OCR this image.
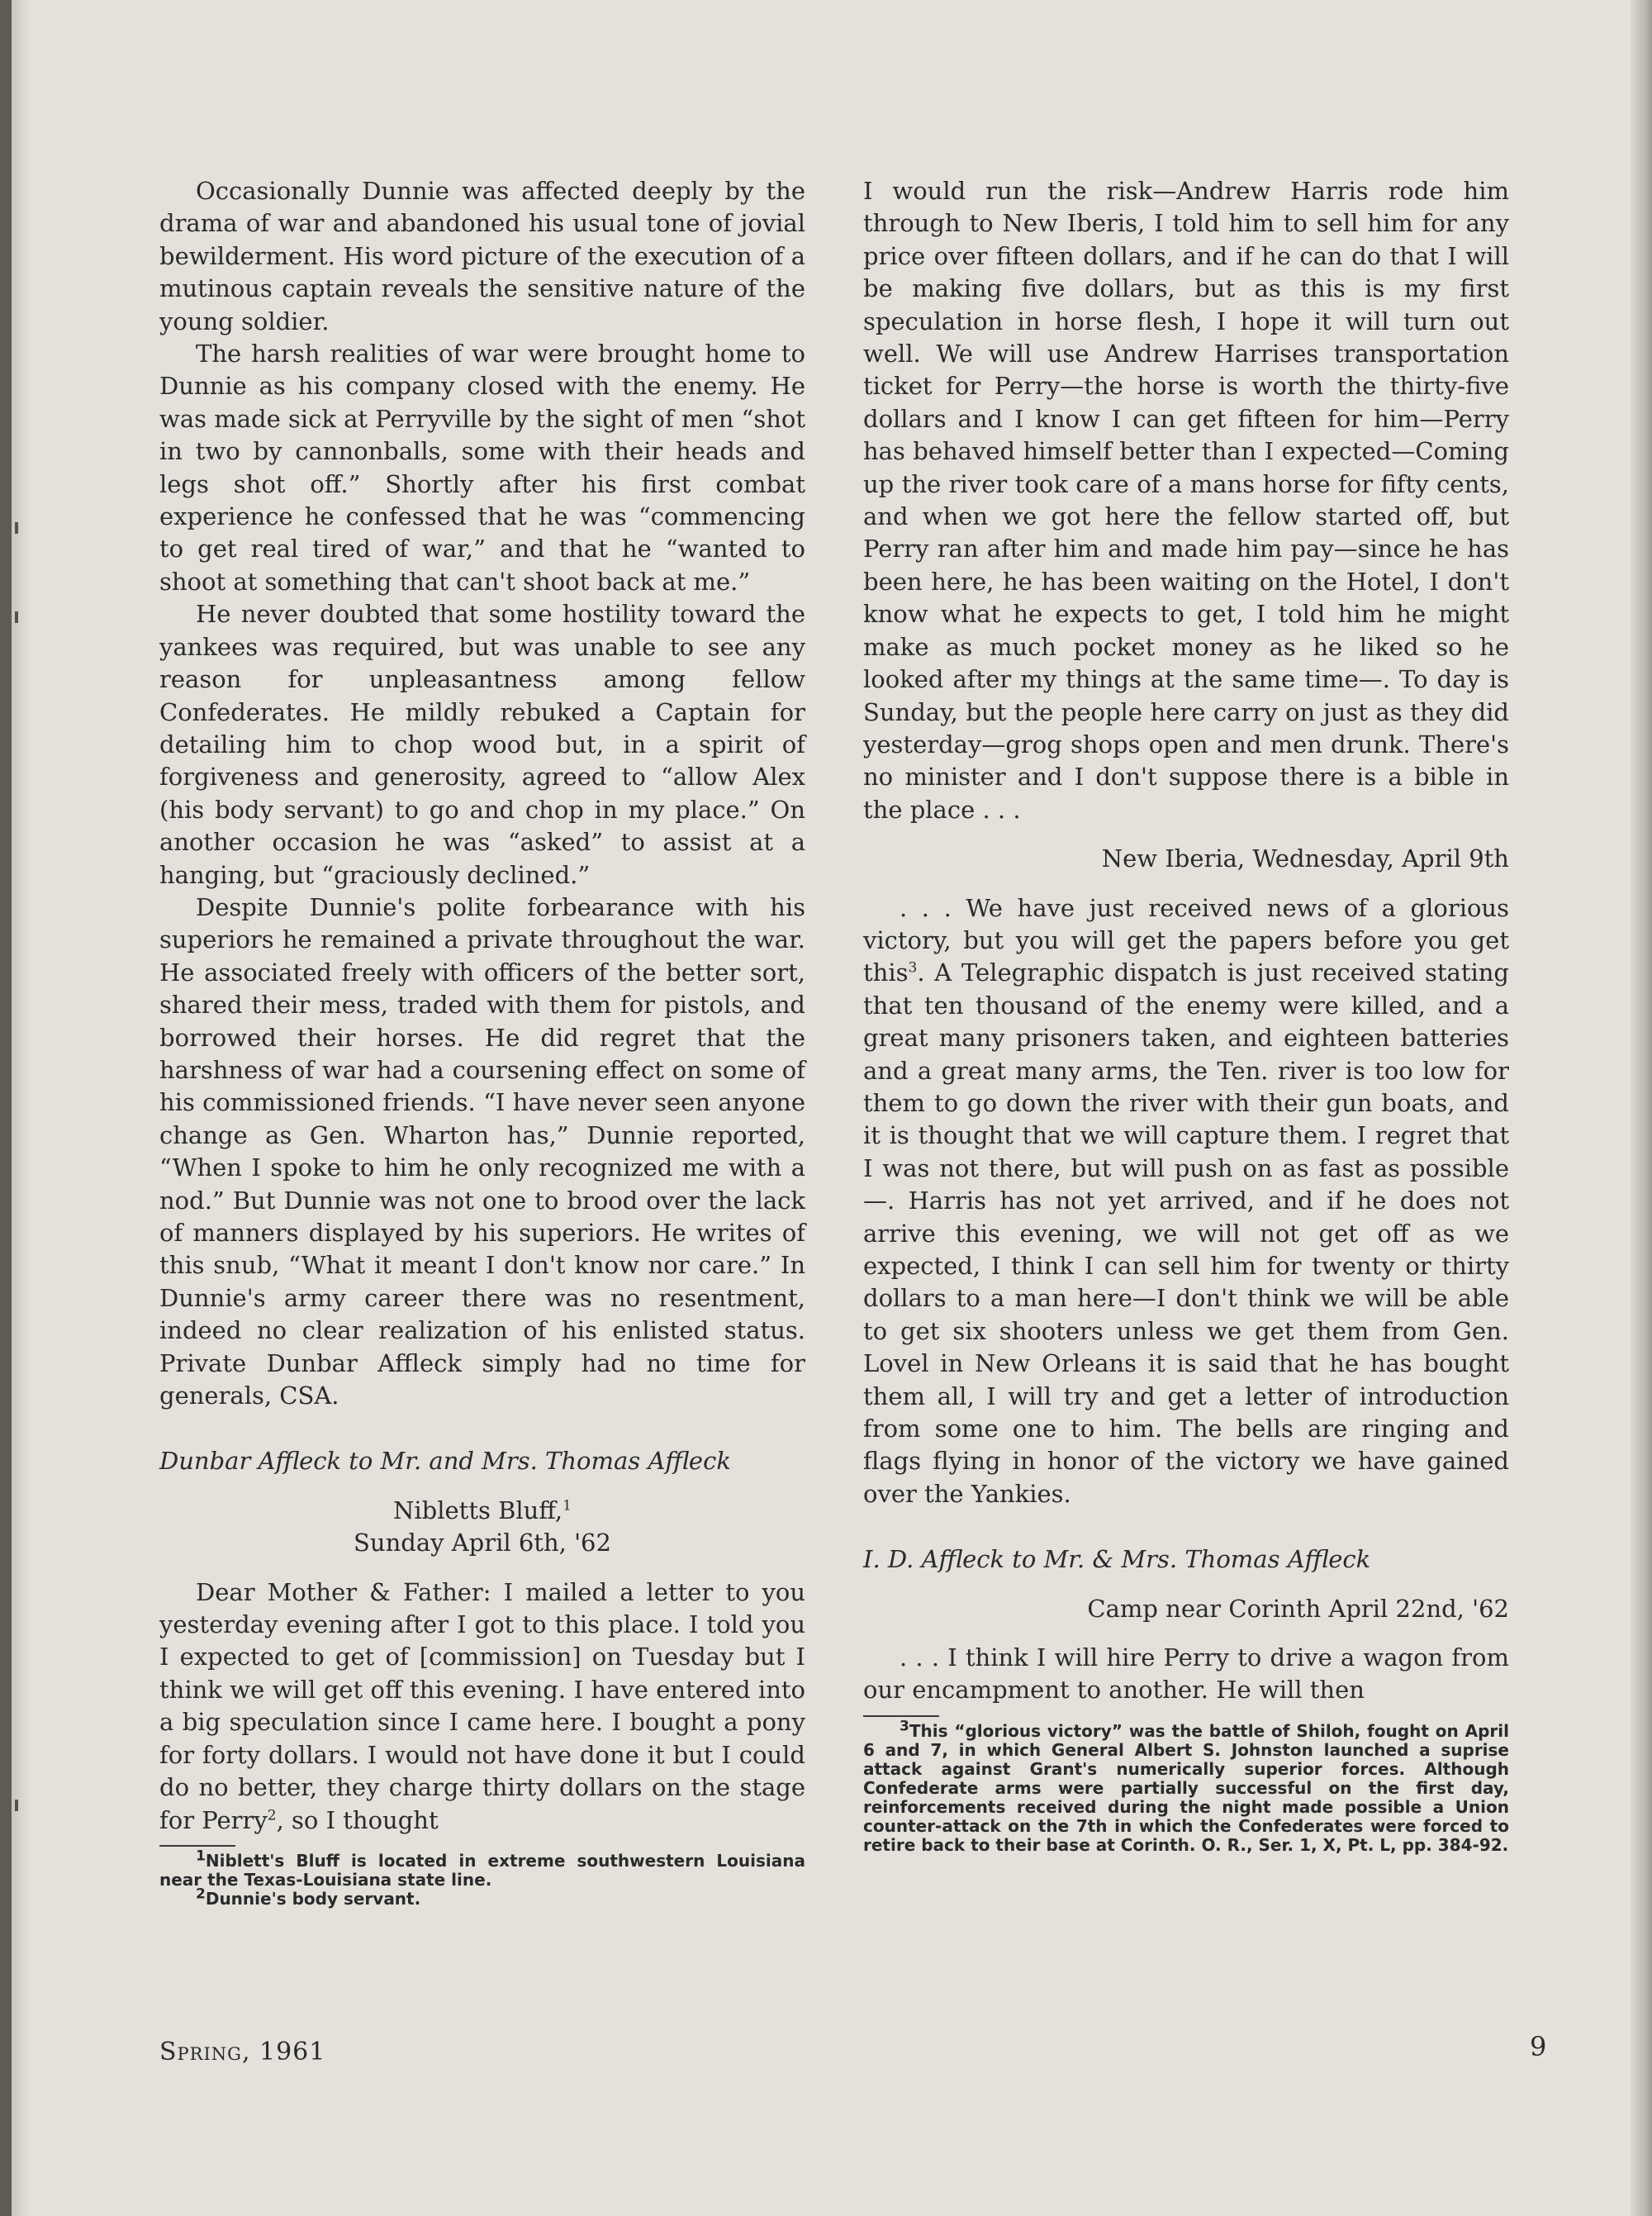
Occasionally Dunnie was affected deeply by the drama of war and abandoned his usual tone of jovial bewilderment. His word picture of the execution of a mutinous captain reveals the sensitive nature of the young soldier.

The harsh realities of war were brought home to Dunnie as his company closed with the enemy. He was made sick at Perryville by the sight of men “shot in two by cannonballs, some with their heads and legs shot off.” Shortly after his first combat experience he confessed that he was “commencing to get real tired of war,” and that he “wanted to shoot at something that can't shoot back at me.”

He never doubted that some hostility toward the yankees was required, but was unable to see any reason for unpleasantness among fellow Confederates. He mildly rebuked a Captain for detailing him to chop wood but, in a spirit of forgiveness and generosity, agreed to “allow Alex (his body servant) to go and chop in my place.” On another occasion he was “asked” to assist at a hanging, but “graciously declined.”

Despite Dunnie's polite forbearance with his superiors he remained a private throughout the war. He associated freely with officers of the better sort, shared their mess, traded with them for pistols, and borrowed their horses. He did regret that the harshness of war had a coursening effect on some of his commissioned friends. “I have never seen anyone change as Gen. Wharton has,” Dunnie reported, “When I spoke to him he only recognized me with a nod.” But Dunnie was not one to brood over the lack of manners displayed by his superiors. He writes of this snub, “What it meant I don't know nor care.” In Dunnie's army career there was no resentment, indeed no clear realization of his enlisted status. Private Dunbar Affleck simply had no time for generals, CSA.

Dunbar Affleck to Mr. and Mrs. Thomas Affleck

Nibletts Bluff,$^1$

Sunday April 6th, '62

Dear Mother & Father: I mailed a letter to you yesterday evening after I got to this place. I told you I expected to get of [commission] on Tuesday but I think we will get off this evening. I have entered into a big speculation since I came here. I bought a pony for forty dollars. I would not have done it but I could do no better, they charge thirty dollars on the stage for Perry$^2$, so I thought

$^1$Niblett's Bluff is located in extreme southwestern Louisiana near the Texas-Louisiana state line.

$^2$Dunnie's body servant.

I would run the risk—Andrew Harris rode him through to New Iberis, I told him to sell him for any price over fifteen dollars, and if he can do that I will be making five dollars, but as this is my first speculation in horse flesh, I hope it will turn out well. We will use Andrew Harrises transportation ticket for Perry—the horse is worth the thirty-five dollars and I know I can get fifteen for him—Perry has behaved himself better than I expected—Coming up the river took care of a mans horse for fifty cents, and when we got here the fellow started off, but Perry ran after him and made him pay—since he has been here, he has been waiting on the Hotel, I don't know what he expects to get, I told him he might make as much pocket money as he liked so he looked after my things at the same time—. To day is Sunday, but the people here carry on just as they did yesterday—grog shops open and men drunk. There's no minister and I don't suppose there is a bible in the place . . .

New Iberia, Wednesday, April 9th

. . . We have just received news of a glorious victory, but you will get the papers before you get this$^3$. A Telegraphic dispatch is just received stating that ten thousand of the enemy were killed, and a great many prisoners taken, and eighteen batteries and a great many arms, the Ten. river is too low for them to go down the river with their gun boats, and it is thought that we will capture them. I regret that I was not there, but will push on as fast as possible—. Harris has not yet arrived, and if he does not arrive this evening, we will not get off as we expected, I think I can sell him for twenty or thirty dollars to a man here—I don't think we will be able to get six shooters unless we get them from Gen. Lovel in New Orleans it is said that he has bought them all, I will try and get a letter of introduction from some one to him. The bells are ringing and flags flying in honor of the victory we have gained over the Yankies.

I. D. Affleck to Mr. & Mrs. Thomas Affleck

Camp near Corinth April 22nd, '62

. . . I think I will hire Perry to drive a wagon from our encampment to another. He will then

$^3$This “glorious victory” was the battle of Shiloh, fought on April 6 and 7, in which General Albert S. Johnston launched a suprise attack against Grant's numerically superior forces. Although Confederate arms were partially successful on the first day, reinforcements received during the night made possible a Union counter-attack on the 7th in which the Confederates were forced to retire back to their base at Corinth. O. R., Ser. 1, X, Pt. L, pp. 384-92.

Spring, 1961	9
